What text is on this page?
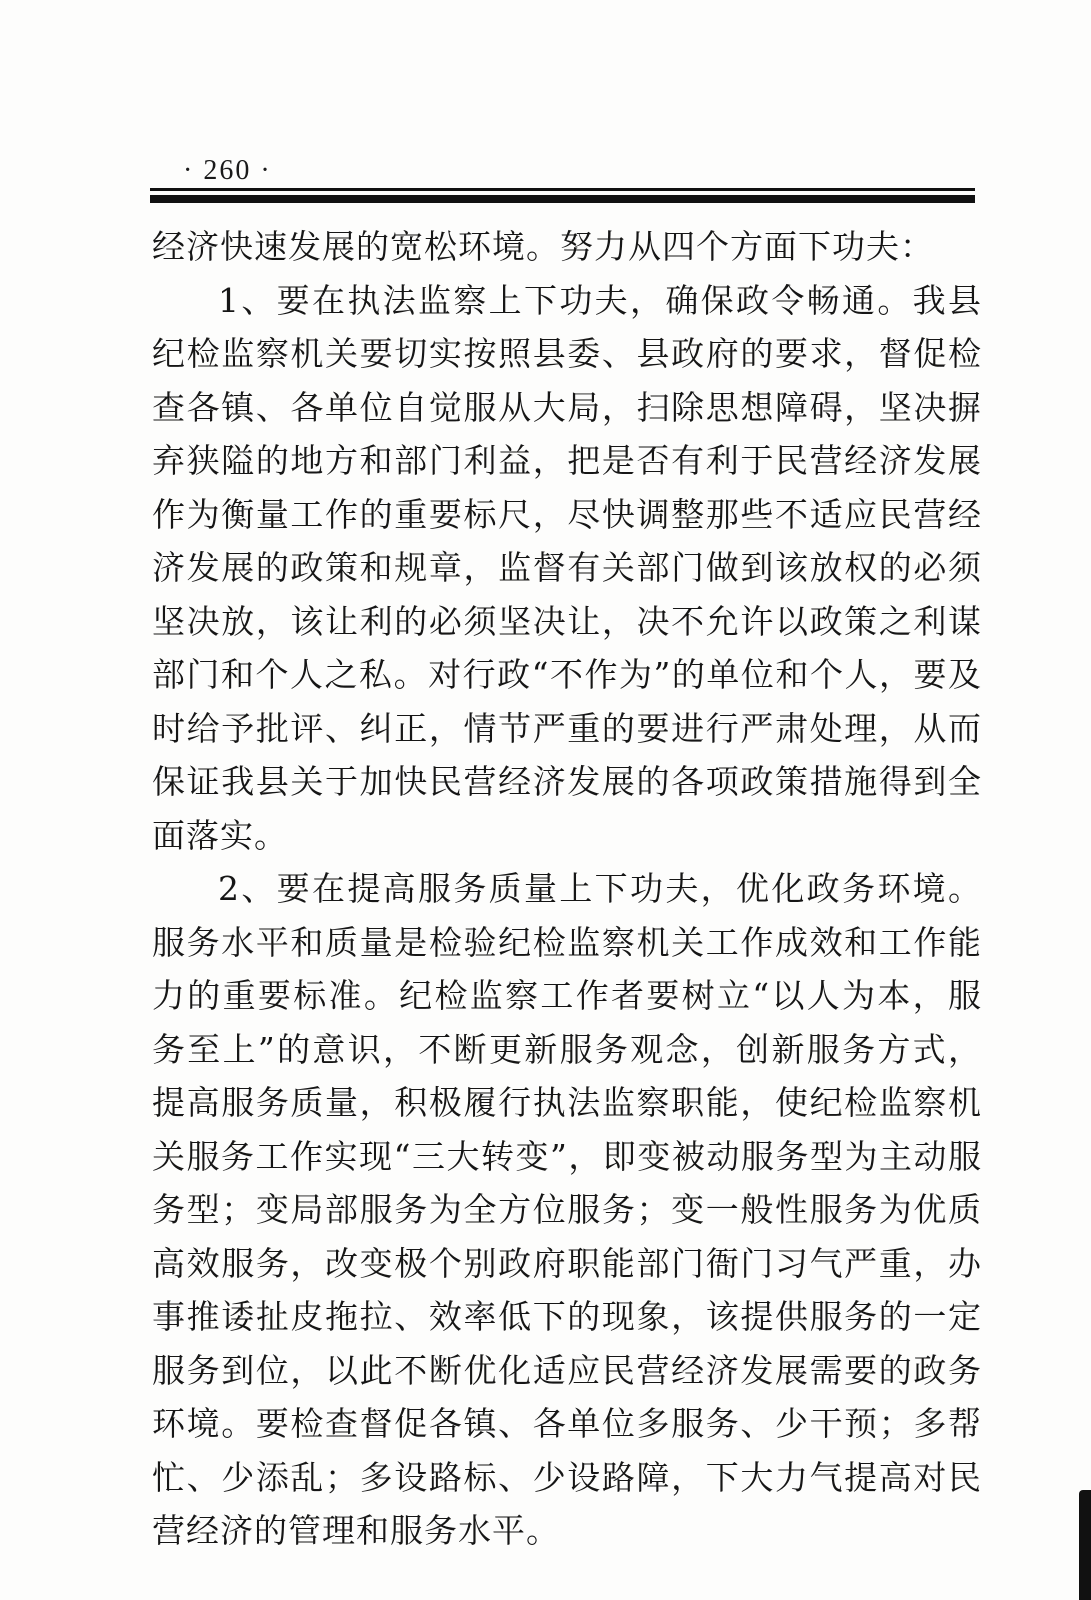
· 260 ·

经济快速发展的宽松环境。努力从四个方面下功夫：

1、要在执法监察上下功夫，确保政令畅通。我县纪检监察机关要切实按照县委、县政府的要求，督促检查各镇、各单位自觉服从大局，扫除思想障碍，坚决摒弃狭隘的地方和部门利益，把是否有利于民营经济发展作为衡量工作的重要标尺，尽快调整那些不适应民营经济发展的政策和规章，监督有关部门做到该放权的必须坚决放，该让利的必须坚决让，决不允许以政策之利谋部门和个人之私。对行政“不作为”的单位和个人，要及时给予批评、纠正，情节严重的要进行严肃处理，从而保证我县关于加快民营经济发展的各项政策措施得到全面落实。

2、要在提高服务质量上下功夫，优化政务环境。服务水平和质量是检验纪检监察机关工作成效和工作能力的重要标准。纪检监察工作者要树立“以人为本，服务至上”的意识，不断更新服务观念，创新服务方式，提高服务质量，积极履行执法监察职能，使纪检监察机关服务工作实现“三大转变”，即变被动服务型为主动服务型；变局部服务为全方位服务；变一般性服务为优质高效服务，改变极个别政府职能部门衙门习气严重，办事推诿扯皮拖拉、效率低下的现象，该提供服务的一定服务到位，以此不断优化适应民营经济发展需要的政务环境。要检查督促各镇、各单位多服务、少干预；多帮忙、少添乱；多设路标、少设路障，下大力气提高对民营经济的管理和服务水平。
